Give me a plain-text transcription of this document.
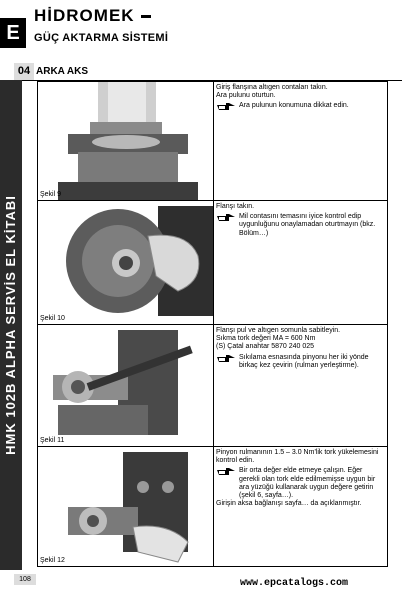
E
HİDROMEK
GÜÇ AKTARMA SİSTEMİ
04 ARKA AKS
HMK 102B ALPHA SERVİS EL KİTABI
Şekil 9
Giriş flanşına altıgen contaları takın.
Ara pulunu oturtun.
Ara pulunun konumuna dikkat edin.
Şekil 10
Flanşı takın.
Mil contasını temasını iyice kontrol edip uygunluğunu onaylamadan oturtmayın (bkz. Bölüm…)
Şekil 11
Flanşı pul ve altıgen somunla sabitleyin.
Sıkma tork değeri MA = 600 Nm
(S) Çatal anahtar 5870 240 025
Sıkılama esnasında pinyonu her iki yönde birkaç kez çevirin (rulman yerleştirme).
Şekil 12
Pinyon rulmanının 1.5 – 3.0 Nm'lik tork yükelemesini kontrol edin.
Bir orta değer elde etmeye çalışın. Eğer gerekli olan tork elde edilmemişse uygun bir ara yüzüğü kullanarak uygun değere getirin (şekil 6, sayfa…).
Girişin aksa bağlanışı sayfa… da açıklanmıştır.
108	www.epcatalogs.com
